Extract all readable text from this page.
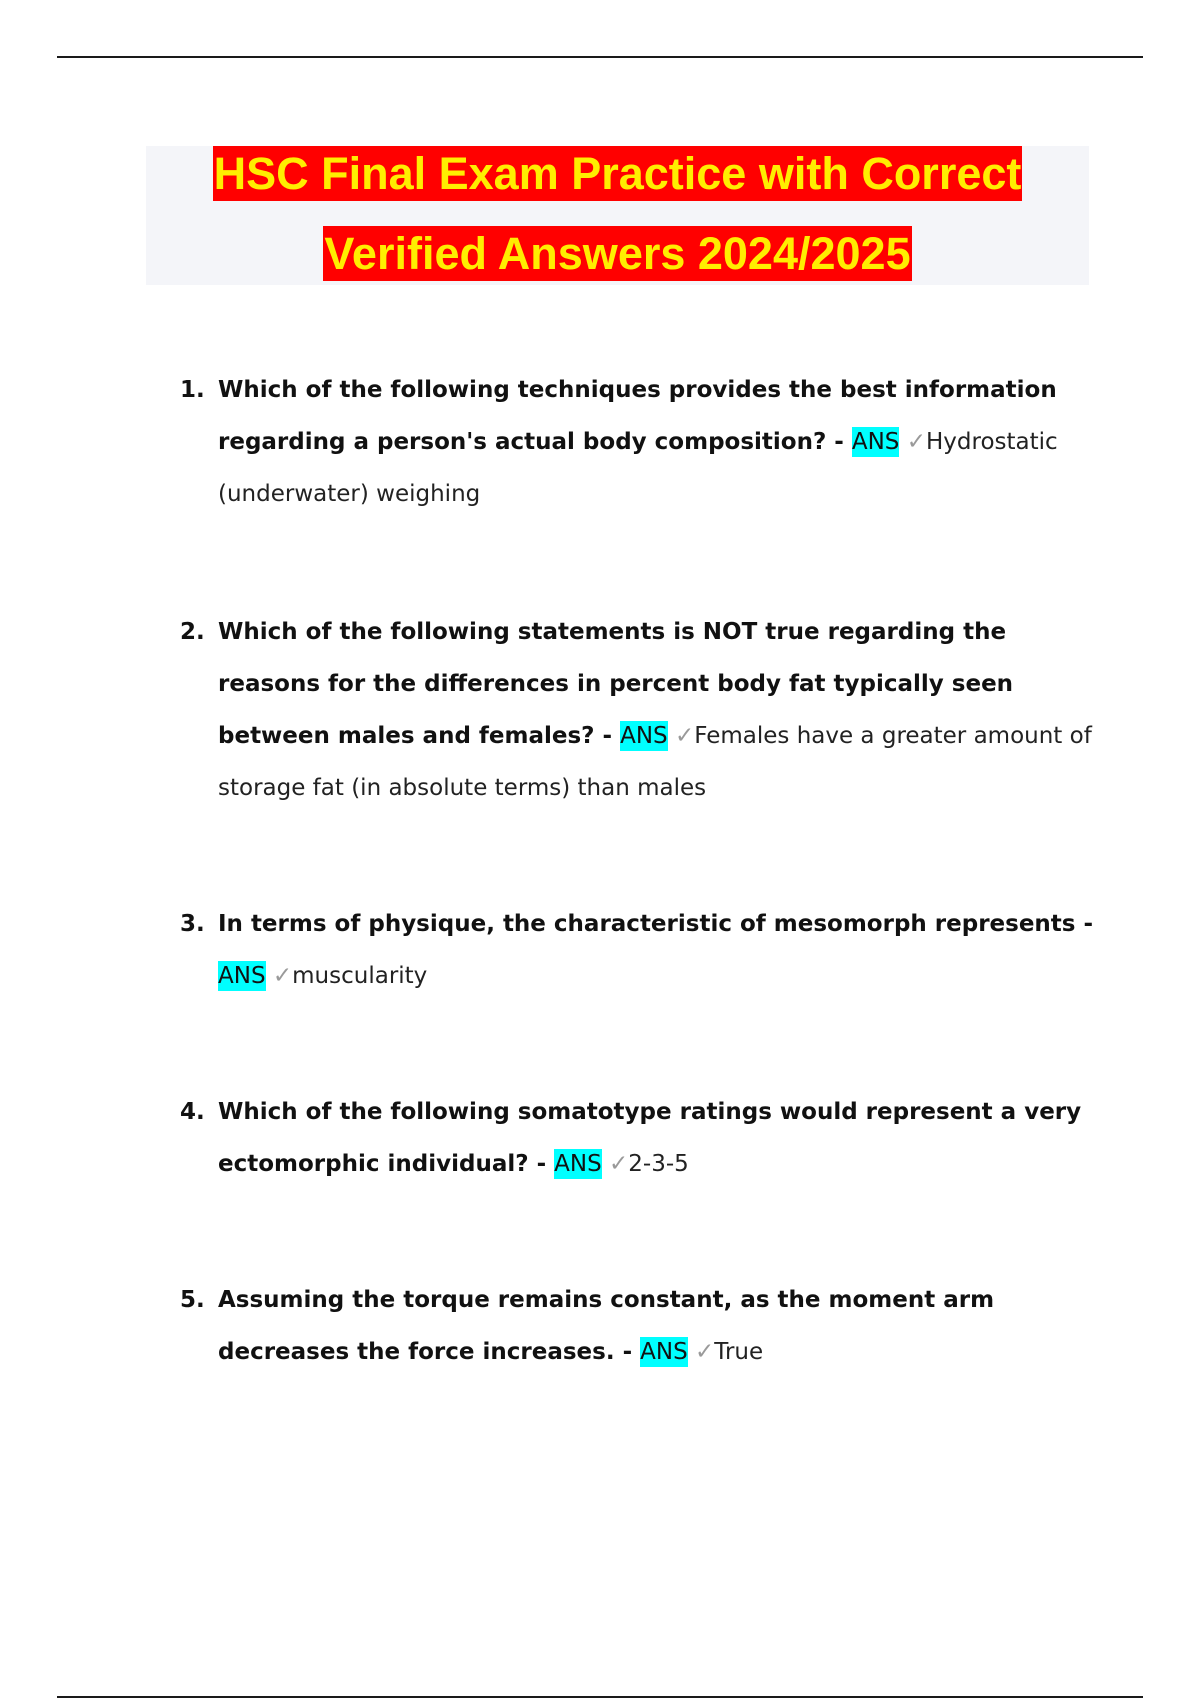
HSC Final Exam Practice with Correct
Verified Answers 2024/2025
1. Which of the following techniques provides the best information regarding a person's actual body composition? - ANS ✓Hydrostatic (underwater) weighing
2. Which of the following statements is NOT true regarding the reasons for the differences in percent body fat typically seen between males and females? - ANS ✓Females have a greater amount of storage fat (in absolute terms) than males
3. In terms of physique, the characteristic of mesomorph represents - ANS ✓muscularity
4. Which of the following somatotype ratings would represent a very ectomorphic individual? - ANS ✓2-3-5
5. Assuming the torque remains constant, as the moment arm decreases the force increases. - ANS ✓True
